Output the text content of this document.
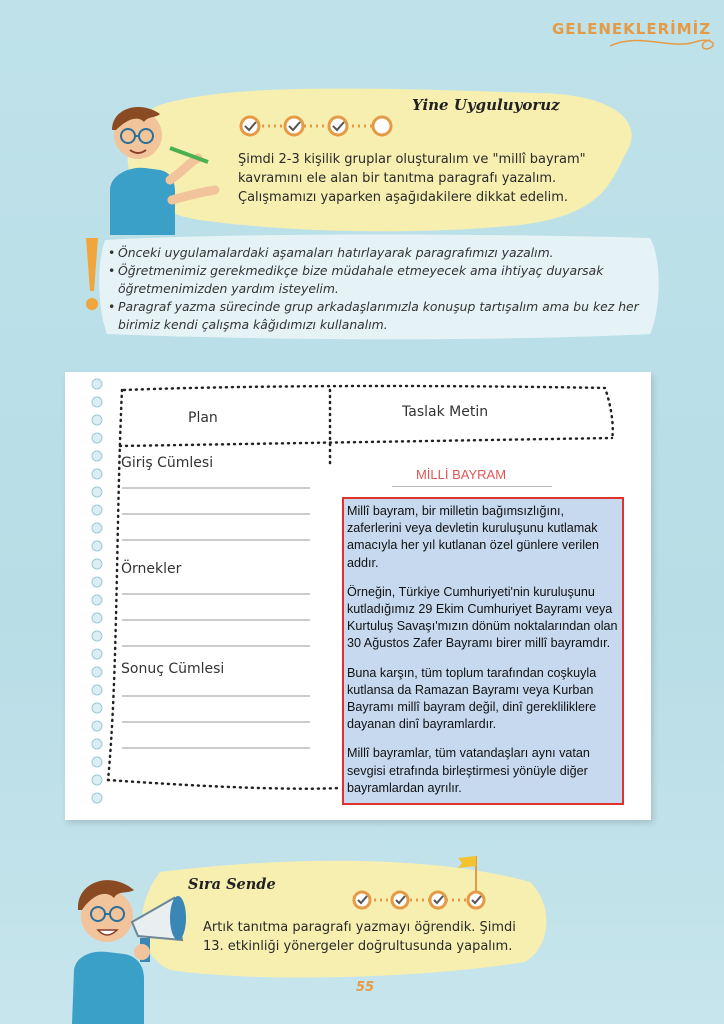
GELENEKLERİMİZ
Yine Uyguluyoruz
Şimdi 2-3 kişilik gruplar oluşturalım ve "millî bayram" kavramını ele alan bir tanıtma paragrafı yazalım. Çalışmamızı yaparken aşağıdakilere dikkat edelim.
• Önceki uygulamalardaki aşamaları hatırlayarak paragrafımızı yazalım.
• Öğretmenimiz gerekmedikçe bize müdahale etmeyecek ama ihtiyaç duyarsak öğretmenimizden yardım isteyelim.
• Paragraf yazma sürecinde grup arkadaşlarımızla konuşup tartışalım ama bu kez her birimiz kendi çalışma kâğıdımızı kullanalım.
Plan	Taslak Metin
Giriş Cümlesi
Örnekler
Sonuç Cümlesi
MİLLİ BAYRAM

Millî bayram, bir milletin bağımsızlığını, zaferlerini veya devletin kuruluşunu kutlamak amacıyla her yıl kutlanan özel günlere verilen addır.

Örneğin, Türkiye Cumhuriyeti'nin kuruluşunu kutladığımız 29 Ekim Cumhuriyet Bayramı veya Kurtuluş Savaşı'mızın dönüm noktalarından olan 30 Ağustos Zafer Bayramı birer millî bayramdır.

Buna karşın, tüm toplum tarafından coşkuyla kutlansa da Ramazan Bayramı veya Kurban Bayramı millî bayram değil, dinî gerekliliklere dayanan dinî bayramlardır.

Millî bayramlar, tüm vatandaşları aynı vatan sevgisi etrafında birleştirmesi yönüyle diğer bayramlardan ayrılır.

Sıra Sende
Artık tanıtma paragrafı yazmayı öğrendik. Şimdi 13. etkinliği yönergeler doğrultusunda yapalım.
55
